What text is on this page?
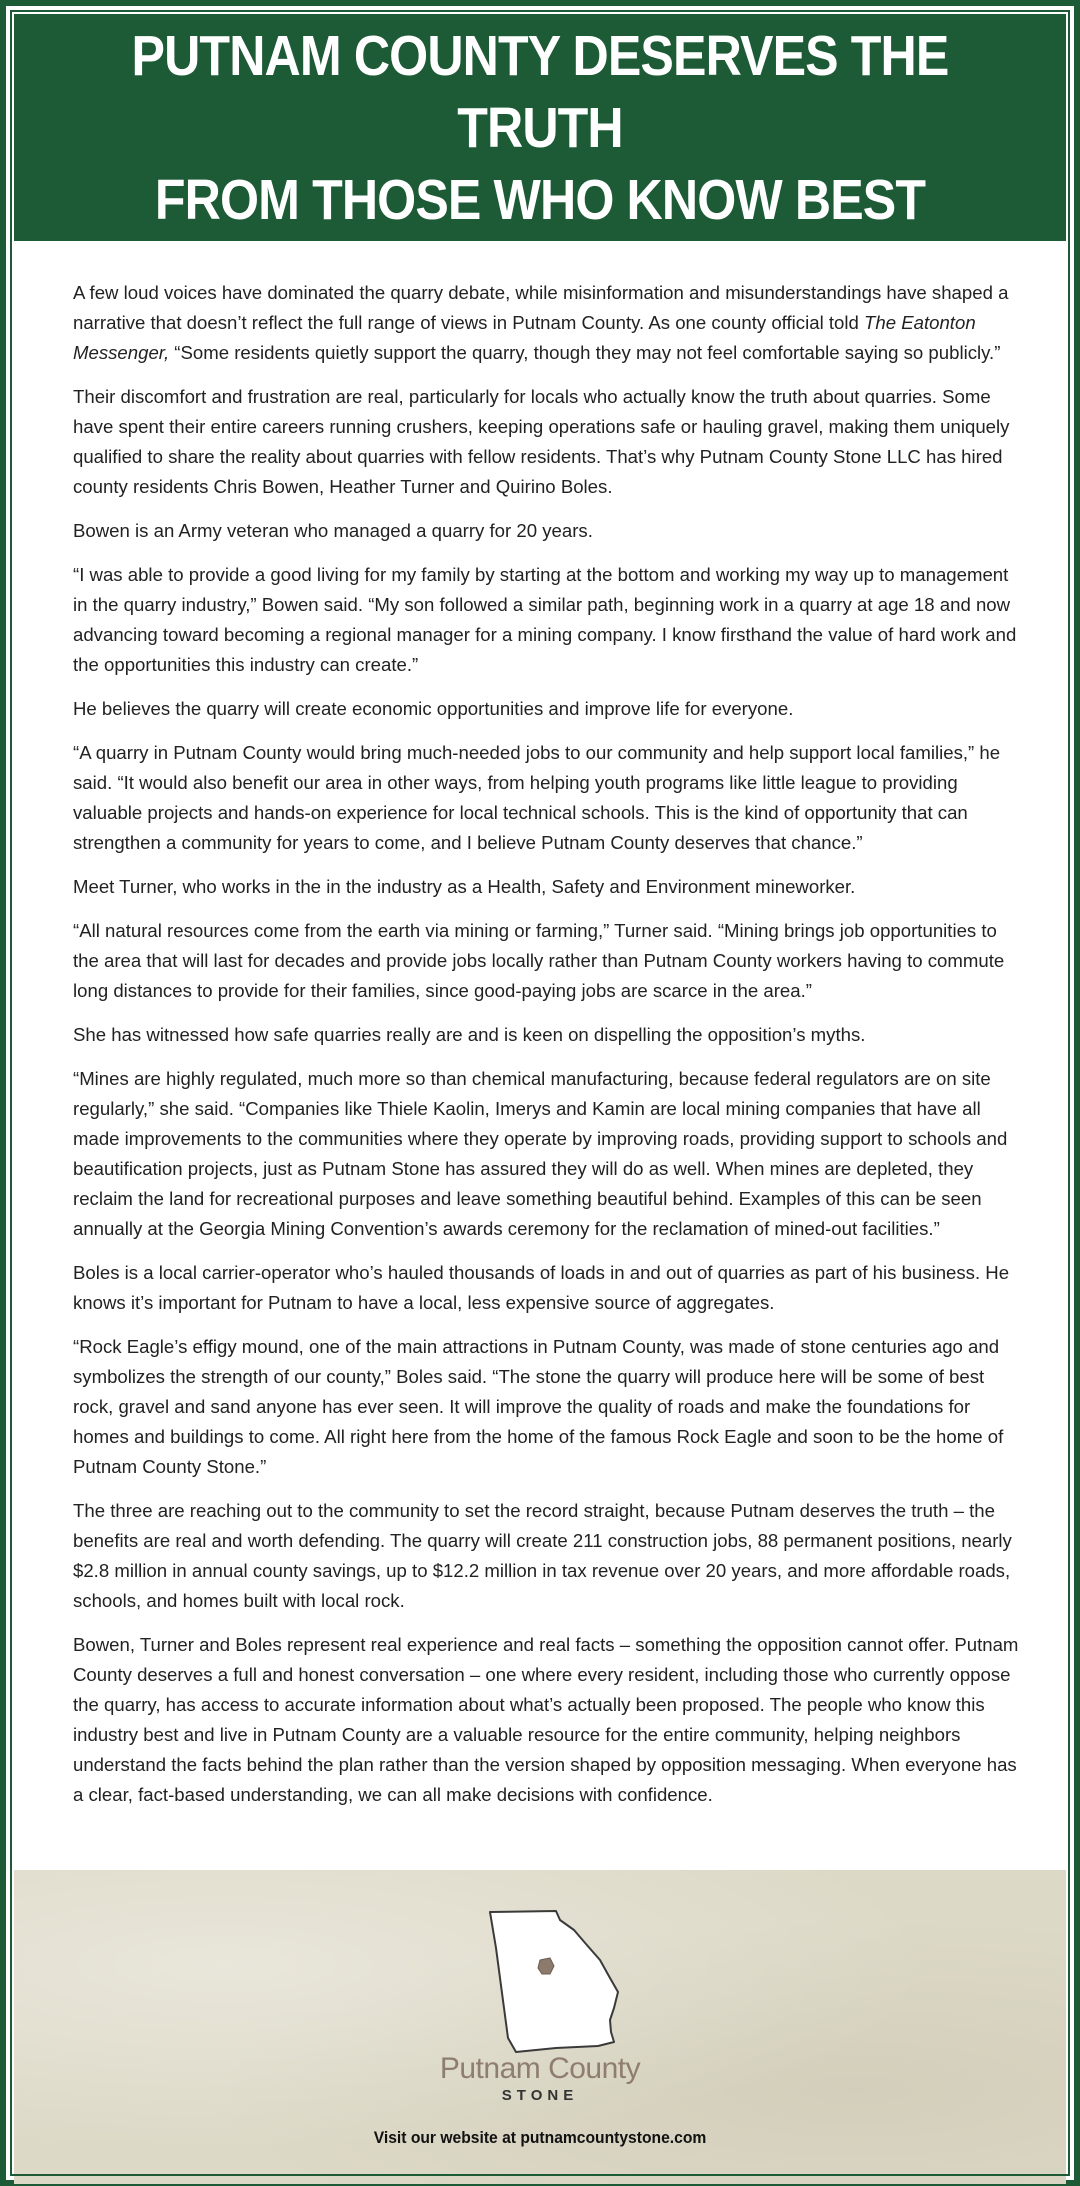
PUTNAM COUNTY DESERVES THE TRUTH
FROM THOSE WHO KNOW BEST

A few loud voices have dominated the quarry debate, while misinformation and misunderstandings have shaped a narrative that doesn’t reflect the full range of views in Putnam County. As one county official told The Eatonton Messenger, “Some residents quietly support the quarry, though they may not feel comfortable saying so publicly.”

Their discomfort and frustration are real, particularly for locals who actually know the truth about quarries. Some have spent their entire careers running crushers, keeping operations safe or hauling gravel, making them uniquely qualified to share the reality about quarries with fellow residents. That’s why Putnam County Stone LLC has hired county residents Chris Bowen, Heather Turner and Quirino Boles.

Bowen is an Army veteran who managed a quarry for 20 years.

“I was able to provide a good living for my family by starting at the bottom and working my way up to management in the quarry industry,” Bowen said. “My son followed a similar path, beginning work in a quarry at age 18 and now advancing toward becoming a regional manager for a mining company. I know firsthand the value of hard work and the opportunities this industry can create.”

He believes the quarry will create economic opportunities and improve life for everyone.

“A quarry in Putnam County would bring much-needed jobs to our community and help support local families,” he said. “It would also benefit our area in other ways, from helping youth programs like little league to providing valuable projects and hands-on experience for local technical schools. This is the kind of opportunity that can strengthen a community for years to come, and I believe Putnam County deserves that chance.”

Meet Turner, who works in the in the industry as a Health, Safety and Environment mineworker.

“All natural resources come from the earth via mining or farming,” Turner said. “Mining brings job opportunities to the area that will last for decades and provide jobs locally rather than Putnam County workers having to commute long distances to provide for their families, since good-paying jobs are scarce in the area.”

She has witnessed how safe quarries really are and is keen on dispelling the opposition’s myths.

“Mines are highly regulated, much more so than chemical manufacturing, because federal regulators are on site regularly,” she said. “Companies like Thiele Kaolin, Imerys and Kamin are local mining companies that have all made improvements to the communities where they operate by improving roads, providing support to schools and beautification projects, just as Putnam Stone has assured they will do as well. When mines are depleted, they reclaim the land for recreational purposes and leave something beautiful behind. Examples of this can be seen annually at the Georgia Mining Convention’s awards ceremony for the reclamation of mined-out facilities.”

Boles is a local carrier-operator who’s hauled thousands of loads in and out of quarries as part of his business. He knows it’s important for Putnam to have a local, less expensive source of aggregates.

“Rock Eagle’s effigy mound, one of the main attractions in Putnam County, was made of stone centuries ago and symbolizes the strength of our county,” Boles said. “The stone the quarry will produce here will be some of best rock, gravel and sand anyone has ever seen. It will improve the quality of roads and make the foundations for homes and buildings to come. All right here from the home of the famous Rock Eagle and soon to be the home of Putnam County Stone.”

The three are reaching out to the community to set the record straight, because Putnam deserves the truth – the benefits are real and worth defending. The quarry will create 211 construction jobs, 88 permanent positions, nearly $2.8 million in annual county savings, up to $12.2 million in tax revenue over 20 years, and more affordable roads, schools, and homes built with local rock.

Bowen, Turner and Boles represent real experience and real facts – something the opposition cannot offer. Putnam County deserves a full and honest conversation – one where every resident, including those who currently oppose the quarry, has access to accurate information about what’s actually been proposed. The people who know this industry best and live in Putnam County are a valuable resource for the entire community, helping neighbors understand the facts behind the plan rather than the version shaped by opposition messaging. When everyone has a clear, fact-based understanding, we can all make decisions with confidence.

Putnam County
STONE
Visit our website at putnamcountystone.com
